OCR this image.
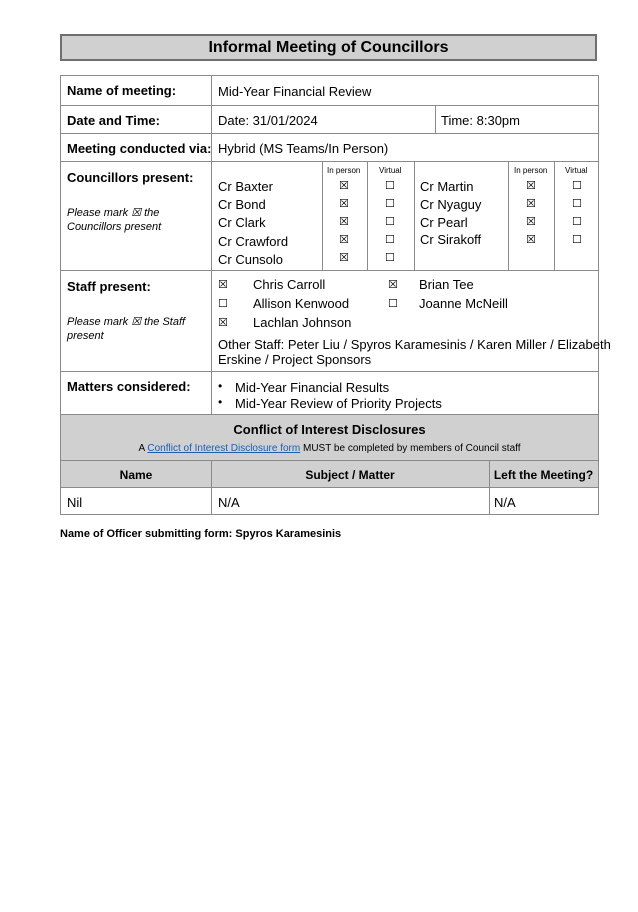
Informal Meeting of Councillors
Name of meeting:	Mid-Year Financial Review
Date and Time:	Date: 31/01/2024	Time: 8:30pm
Meeting conducted via: Hybrid (MS Teams/In Person)
Councillors present:
Please mark ☒ the Councillors present
In person Virtual	In person Virtual
Cr Baxter	☒	☐
Cr Bond	☒	☐
Cr Clark	☒	☐
Cr Crawford	☒	☐
Cr Cunsolo	☒	☐
Cr Martin	☒	☐
Cr Nyaguy	☒	☐
Cr Pearl	☒	☐
Cr Sirakoff	☒	☐
Staff present:
Please mark ☒ the Staff present
☒ Chris Carroll	☒ Brian Tee
☐ Allison Kenwood	☐ Joanne McNeill
☒ Lachlan Johnson
Other Staff: Peter Liu / Spyros Karamesinis / Karen Miller / Elizabeth
Erskine / Project Sponsors
Matters considered: • Mid-Year Financial Results
• Mid-Year Review of Priority Projects
Conflict of Interest Disclosures
A Conflict of Interest Disclosure form MUST be completed by members of Council staff
Name	Subject / Matter	Left the Meeting?
Nil	N/A	N/A
Name of Officer submitting form: Spyros Karamesinis
